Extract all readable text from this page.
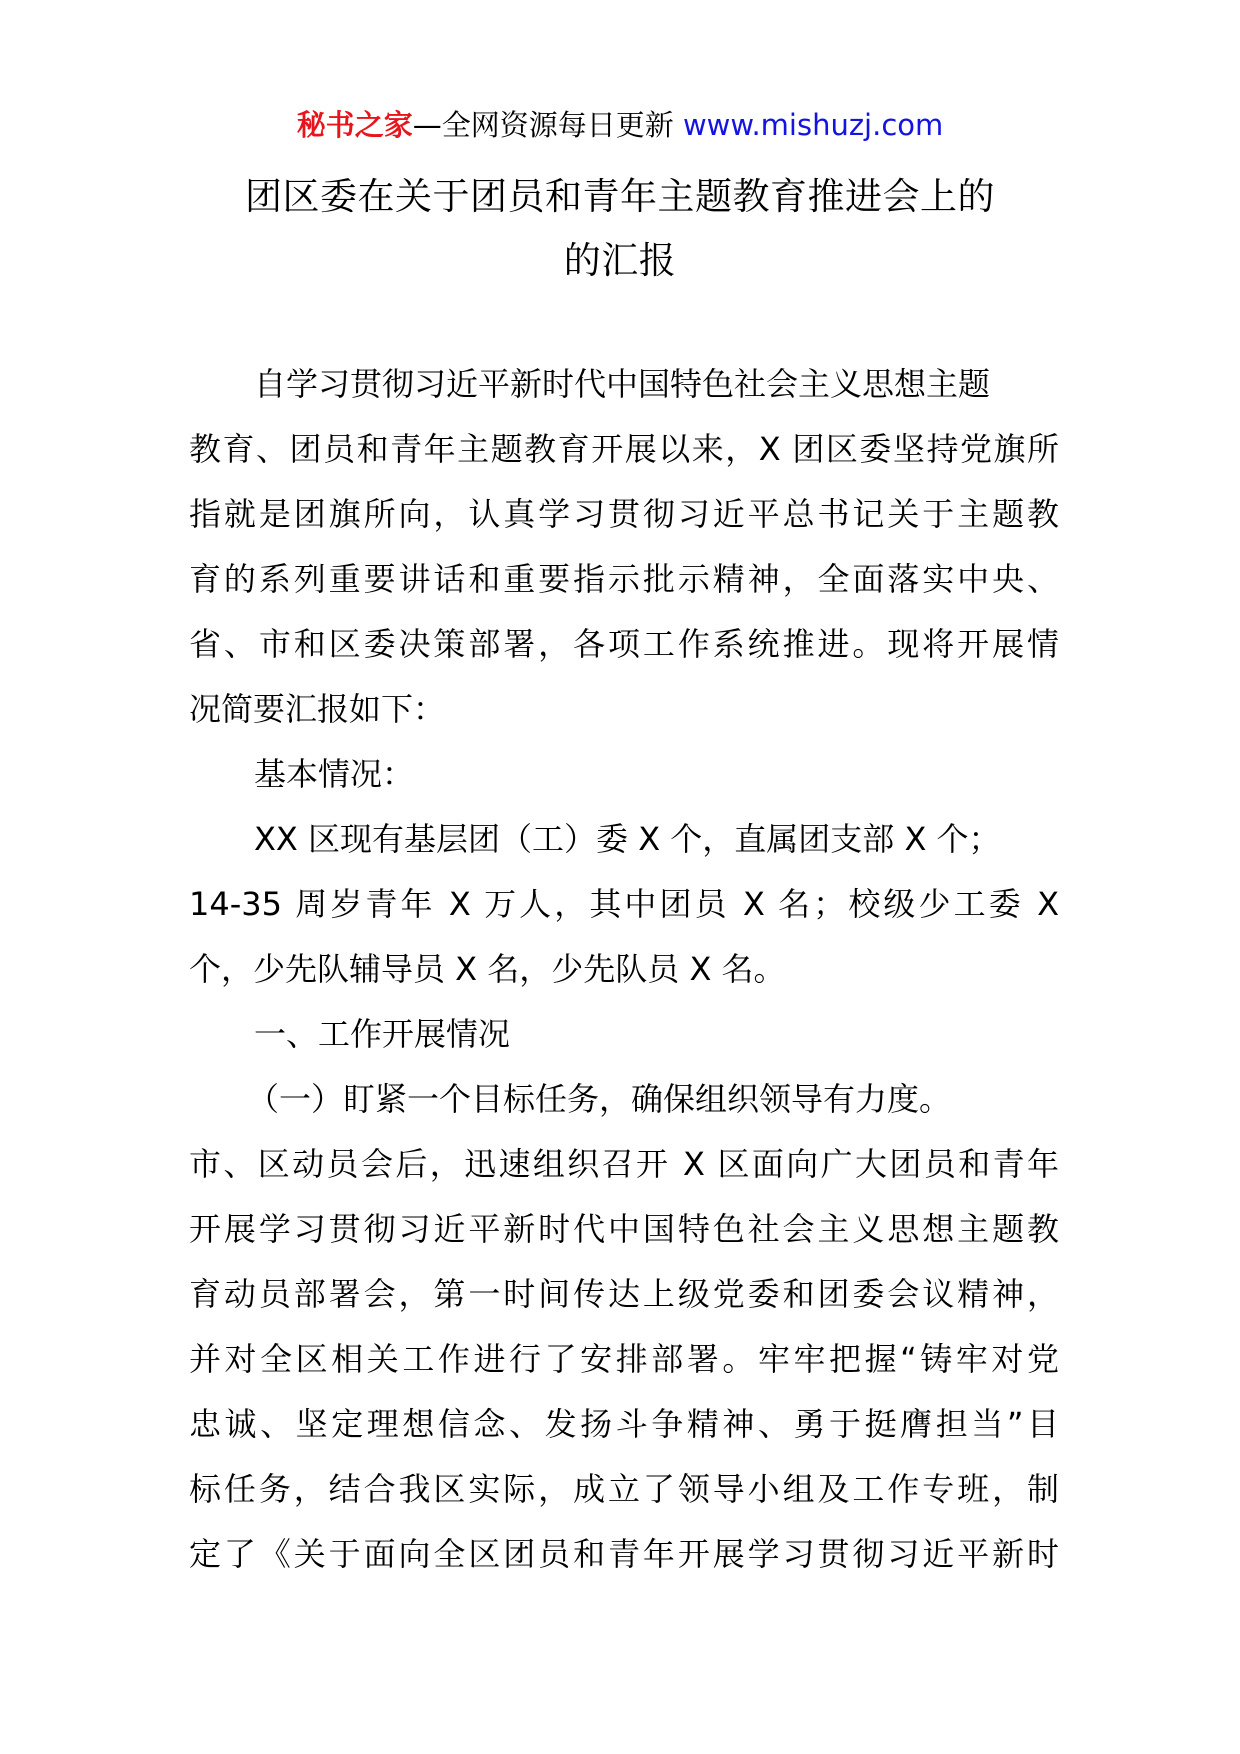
秘书之家—全网资源每日更新 www.mishuzj.com
团区委在关于团员和青年主题教育推进会上的
的汇报
自学习贯彻习近平新时代中国特色社会主义思想主题
教育、团员和青年主题教育开展以来，X 团区委坚持党旗所
指就是团旗所向，认真学习贯彻习近平总书记关于主题教
育的系列重要讲话和重要指示批示精神，全面落实中央、
省、市和区委决策部署，各项工作系统推进。现将开展情
况简要汇报如下：
基本情况：
XX 区现有基层团（工）委 X 个，直属团支部 X 个；
14-35 周岁青年 X 万人，其中团员 X 名；校级少工委 X
个，少先队辅导员 X 名，少先队员 X 名。
一、工作开展情况
（一）盯紧一个目标任务，确保组织领导有力度。
市、区动员会后，迅速组织召开 X 区面向广大团员和青年
开展学习贯彻习近平新时代中国特色社会主义思想主题教
育动员部署会，第一时间传达上级党委和团委会议精神，
并对全区相关工作进行了安排部署。牢牢把握“铸牢对党
忠诚、坚定理想信念、发扬斗争精神、勇于挺膺担当”目
标任务，结合我区实际，成立了领导小组及工作专班，制
定了《关于面向全区团员和青年开展学习贯彻习近平新时
